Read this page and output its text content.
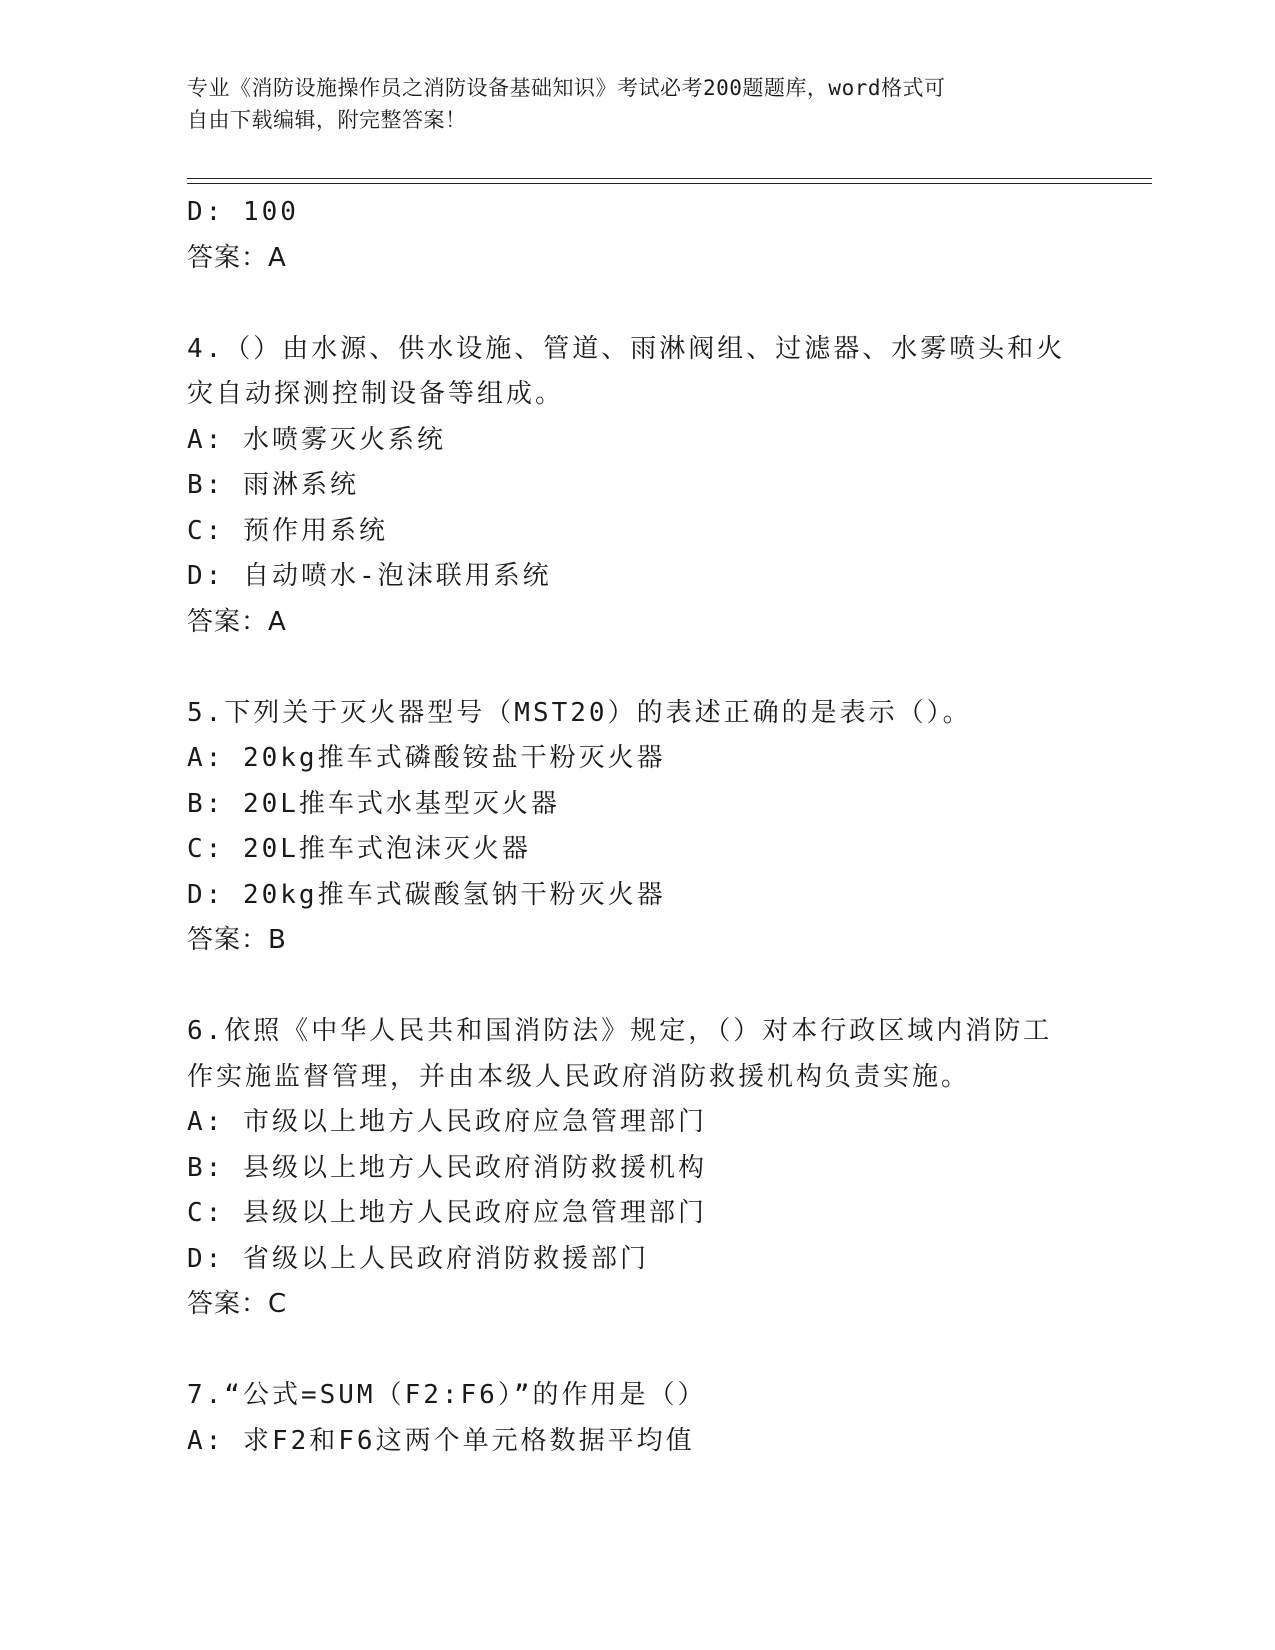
专业《消防设施操作员之消防设备基础知识》考试必考200题题库，word格式可
自由下载编辑，附完整答案！
D: 100
答案：A
4.（）由水源、供水设施、管道、雨淋阀组、过滤器、水雾喷头和火
灾自动探测控制设备等组成。
A: 水喷雾灭火系统
B: 雨淋系统
C: 预作用系统
D: 自动喷水-泡沫联用系统
答案：A
5.下列关于灭火器型号（MST20）的表述正确的是表示（）。
A: 20kg推车式磷酸铵盐干粉灭火器
B: 20L推车式水基型灭火器
C: 20L推车式泡沫灭火器
D: 20kg推车式碳酸氢钠干粉灭火器
答案：B
6.依照《中华人民共和国消防法》规定，（）对本行政区域内消防工
作实施监督管理，并由本级人民政府消防救援机构负责实施。
A: 市级以上地方人民政府应急管理部门
B: 县级以上地方人民政府消防救援机构
C: 县级以上地方人民政府应急管理部门
D: 省级以上人民政府消防救援部门
答案：C
7.“公式=SUM（F2:F6）”的作用是（）
A: 求F2和F6这两个单元格数据平均值
